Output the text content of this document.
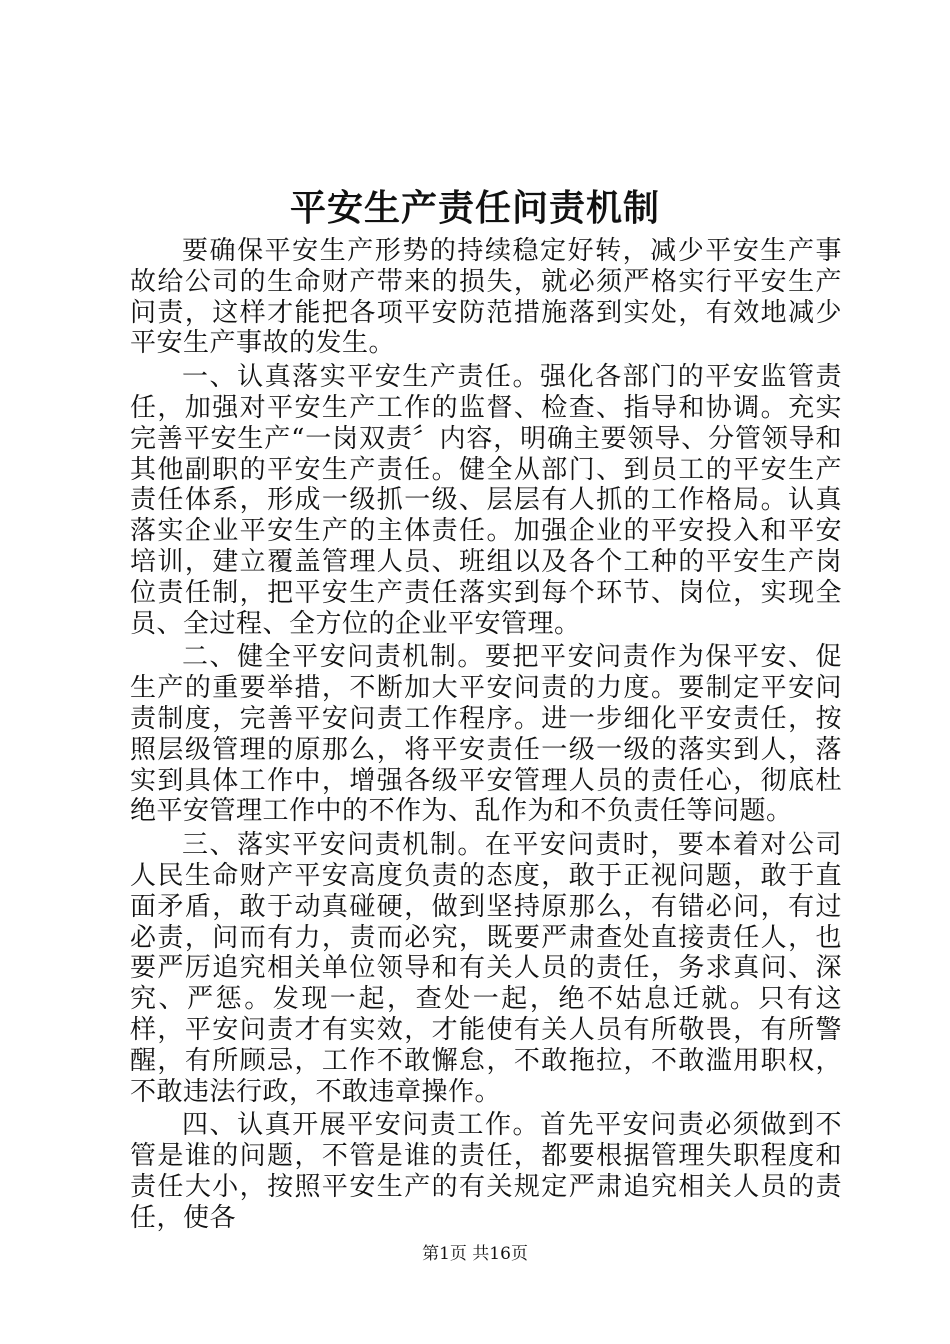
平安生产责任问责机制

要确保平安生产形势的持续稳定好转，减少平安生产事故给公司的生命财产带来的损失，就必须严格实行平安生产问责，这样才能把各项平安防范措施落到实处，有效地减少平安生产事故的发生。

一、认真落实平安生产责任。强化各部门的平安监管责任，加强对平安生产工作的监督、检查、指导和协调。充实完善平安生产“一岗双责〞内容，明确主要领导、分管领导和其他副职的平安生产责任。健全从部门、到员工的平安生产责任体系，形成一级抓一级、层层有人抓的工作格局。认真落实企业平安生产的主体责任。加强企业的平安投入和平安培训，建立覆盖管理人员、班组以及各个工种的平安生产岗位责任制，把平安生产责任落实到每个环节、岗位，实现全员、全过程、全方位的企业平安管理。

二、健全平安问责机制。要把平安问责作为保平安、促生产的重要举措，不断加大平安问责的力度。要制定平安问责制度，完善平安问责工作程序。进一步细化平安责任，按照层级管理的原那么，将平安责任一级一级的落实到人，落实到具体工作中，增强各级平安管理人员的责任心，彻底杜绝平安管理工作中的不作为、乱作为和不负责任等问题。

三、落实平安问责机制。在平安问责时，要本着对公司人民生命财产平安高度负责的态度，敢于正视问题，敢于直面矛盾，敢于动真碰硬，做到坚持原那么，有错必问，有过必责，问而有力，责而必究，既要严肃查处直接责任人，也要严厉追究相关单位领导和有关人员的责任，务求真问、深究、严惩。发现一起，查处一起，绝不姑息迁就。只有这样，平安问责才有实效，才能使有关人员有所敬畏，有所警醒，有所顾忌，工作不敢懈怠，不敢拖拉，不敢滥用职权，不敢违法行政，不敢违章操作。

四、认真开展平安问责工作。首先平安问责必须做到不管是谁的问题，不管是谁的责任，都要根据管理失职程度和责任大小，按照平安生产的有关规定严肃追究相关人员的责任，使各

第1页 共16页
